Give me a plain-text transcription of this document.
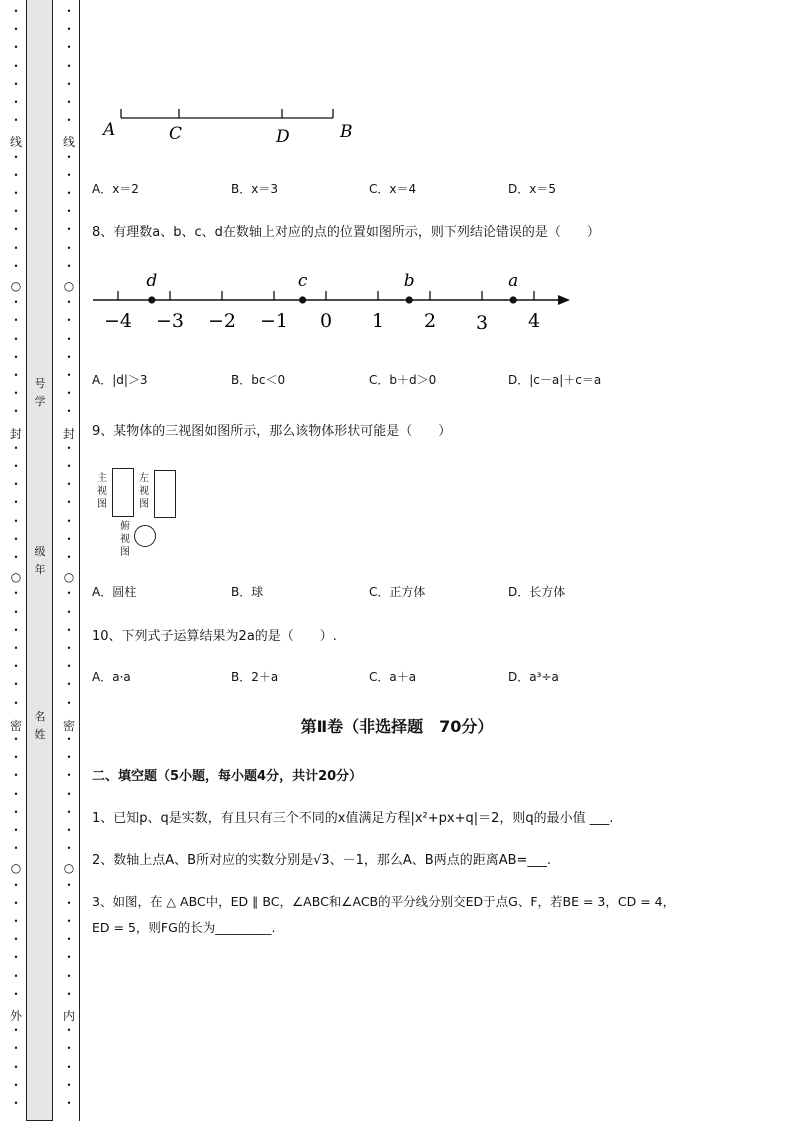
•
•
•
•
•
•
•
•
•
•
•
•
•
•
•
•
•
•
•
•
•
•
•
•
•
•
•
•
•
•
•
•
•
•
•
•
•
•
•
•
•
•
•
•
•
•
•
•
•
•
•
•
•
•
•
•
•
•
•
•
•
•
•
•
•
•
•
•
•
•
•
•
•
•
•
•
•
•
•
•
•
•
•
•
•
•
•
•
•
•
•
•
•
•
•
•
•
•
•
•
•
•
•
•
•
•
•
•
线
○
封
○
密
○
外
线
○
封
○
密
○
内
号
学
级
年
名
姓
A	C	D	B
A．x＝2	B．x＝3	C．x＝4	D．x＝5
8、有理数a、b、c、d在数轴上对应的点的位置如图所示，则下列结论错误的是（　　）
−4 −3 −2 −1 0 1 2 3 4
d	c	b	a
A．|d|＞3	B．bc＜0	C．b＋d＞0	D．|c－a|＋c＝a
9、某物体的三视图如图所示，那么该物体形状可能是（　　）
主
视
图
左
视
图
俯
视
图
A．圆柱	B．球	C．正方体	D．长方体
10、下列式子运算结果为2a的是（　　）.
A．a·a	B．2＋a	C．a＋a	D．a³÷a
第Ⅱ卷（非选择题　70分）
二、填空题（5小题，每小题4分，共计20分）
1、已知p、q是实数，有且只有三个不同的x值满足方程|x²+px+q|＝2，则q的最小值 ___.
2、数轴上点A、B所对应的实数分别是√3、－1，那么A、B两点的距离AB=___.
3、如图，在 △ ABC中，ED ∥ BC，∠ABC和∠ACB的平分线分别交ED于点G、F，若BE = 3，CD = 4，
ED = 5，则FG的长为_________.
